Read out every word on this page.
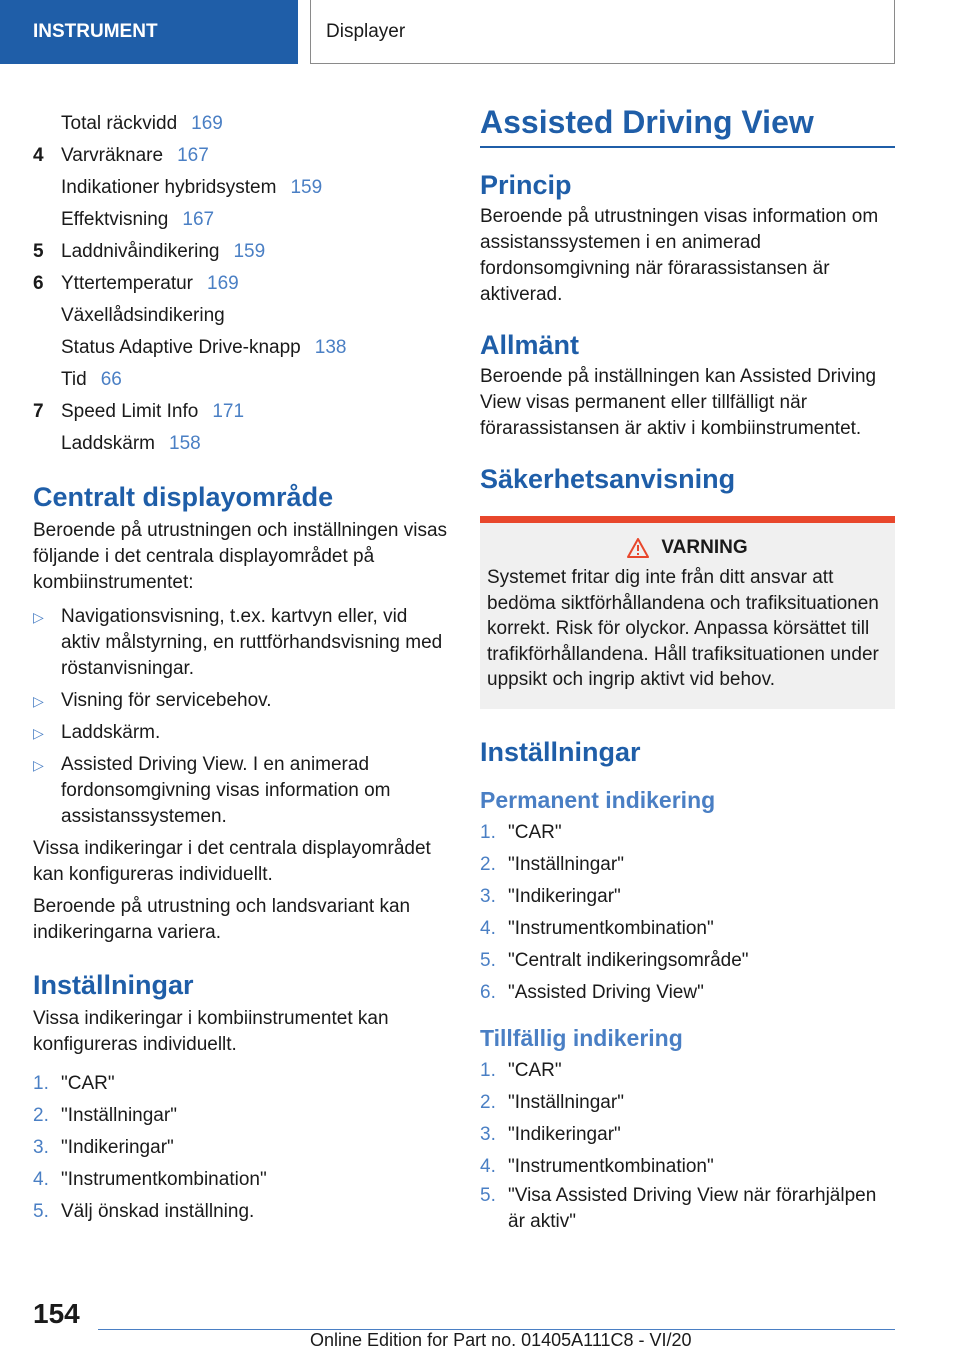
INSTRUMENT	Displayer
Total räckvidd 169
4 Varvräknare 167
Indikationer hybridsystem 159
Effektvisning 167
5 Laddnivåindikering 159
6 Yttertemperatur 169
Växellådsindikering
Status Adaptive Drive-knapp 138
Tid 66
7 Speed Limit Info 171
Laddskärm 158
Centralt displayområde

Beroende på utrustningen och inställningen visas följande i det centrala displayområdet på kombiinstrumentet:

▷ Navigationsvisning, t.ex. kartvyn eller, vid aktiv målstyrning, en ruttförhandsvisning med röstanvisningar.
▷ Visning för servicebehov.
▷ Laddskärm.
▷ Assisted Driving View. I en animerad fordonsomgivning visas information om assistanssystemen.

Vissa indikeringar i det centrala displayområdet kan konfigureras individuellt.

Beroende på utrustning och landsvariant kan indikeringarna variera.

Inställningar

Vissa indikeringar i kombiinstrumentet kan konfigureras individuellt.

1. "CAR"
2. "Inställningar"
3. "Indikeringar"
4. "Instrumentkombination"
5. Välj önskad inställning.
Assisted Driving View
Princip

Beroende på utrustningen visas information om assistanssystemen i en animerad fordonsomgivning när förarassistansen är aktiverad.

Allmänt

Beroende på inställningen kan Assisted Driving View visas permanent eller tillfälligt när förarassistansen är aktiv i kombiinstrumentet.

Säkerhetsanvisning
VARNING
Systemet fritar dig inte från ditt ansvar att bedöma siktförhållandena och trafiksituationen korrekt. Risk för olyckor. Anpassa körsättet till trafikförhållandena. Håll trafiksituationen under uppsikt och ingrip aktivt vid behov.
Inställningar
Permanent indikering
1. "CAR"
2. "Inställningar"
3. "Indikeringar"
4. "Instrumentkombination"
5. "Centralt indikeringsområde"
6. "Assisted Driving View"
Tillfällig indikering
1. "CAR"
2. "Inställningar"
3. "Indikeringar"
4. "Instrumentkombination"
5. "Visa Assisted Driving View när förarhjälpen är aktiv"
154
Online Edition for Part no. 01405A111C8 - VI/20
